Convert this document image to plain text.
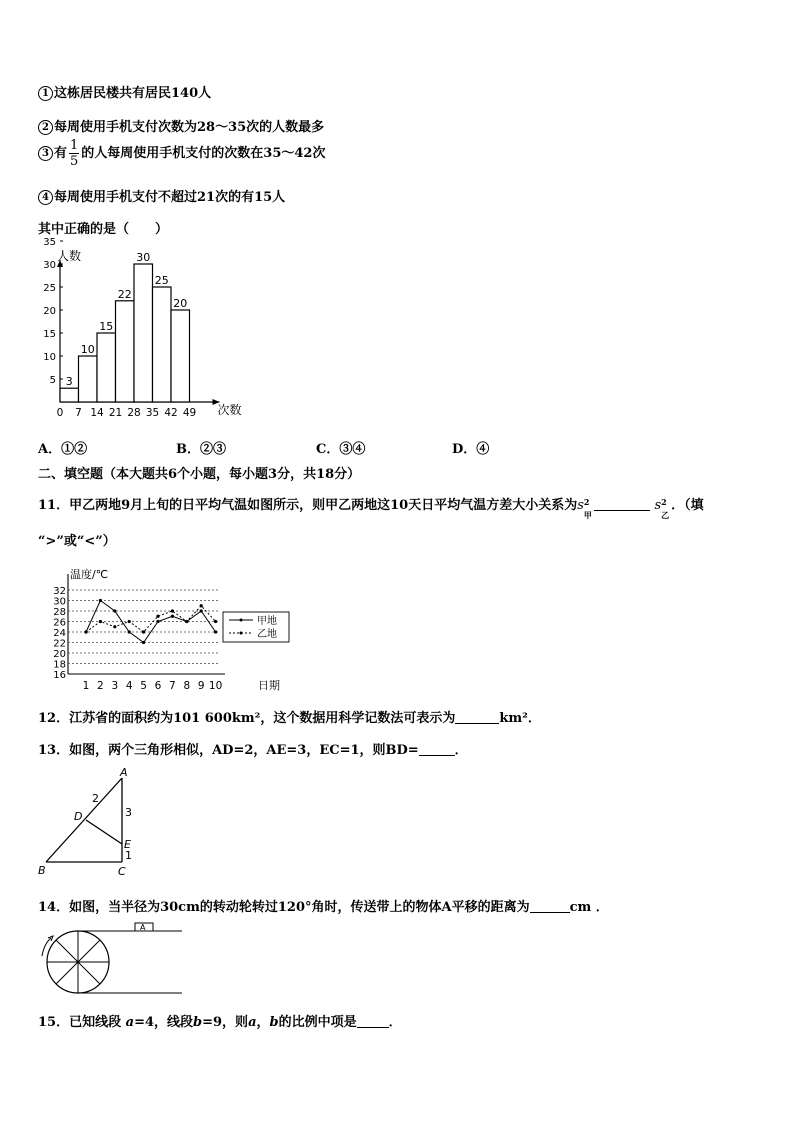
1 这栋居民楼共有居民140人
2 每周使用手机支付次数为28～35次的人数最多
3 有 $\frac{1}{5}$ 的人每周使用手机支付的次数在35～42次
4 每周使用手机支付不超过21次的有15人
其中正确的是（　　）
人数
次数
5
10
15
20
25
30
35
3
10
15
22
30
25
20
0 7 14 21 28 35 42 49
A．①②	B．②③	C．③④	D．④
二、填空题（本大题共6个小题，每小题3分，共18分）
11．甲乙两地9月上旬的日平均气温如图所示，则甲乙两地这10天日平均气温方差大小关系为s 2
甲
s 2
乙
．（填
“>”或“<”）
温度/℃
日期
16
18
20
22
24
26
28
30
32
1 2 3 4 5 6 7 8 9 10
甲地
乙地
12．江苏省的面积约为101 600km²，这个数据用科学记数法可表示为	km²．
13．如图，两个三角形相似，AD=2，AE=3，EC=1，则BD=	．
A
B	C
D
E
2
3
1
14．如图，当半径为30cm的转动轮转过120°角时，传送带上的物体A平移的距离为	cm ．
A
15．已知线段 a=4，线段b=9，则a，b的比例中项是 ．
